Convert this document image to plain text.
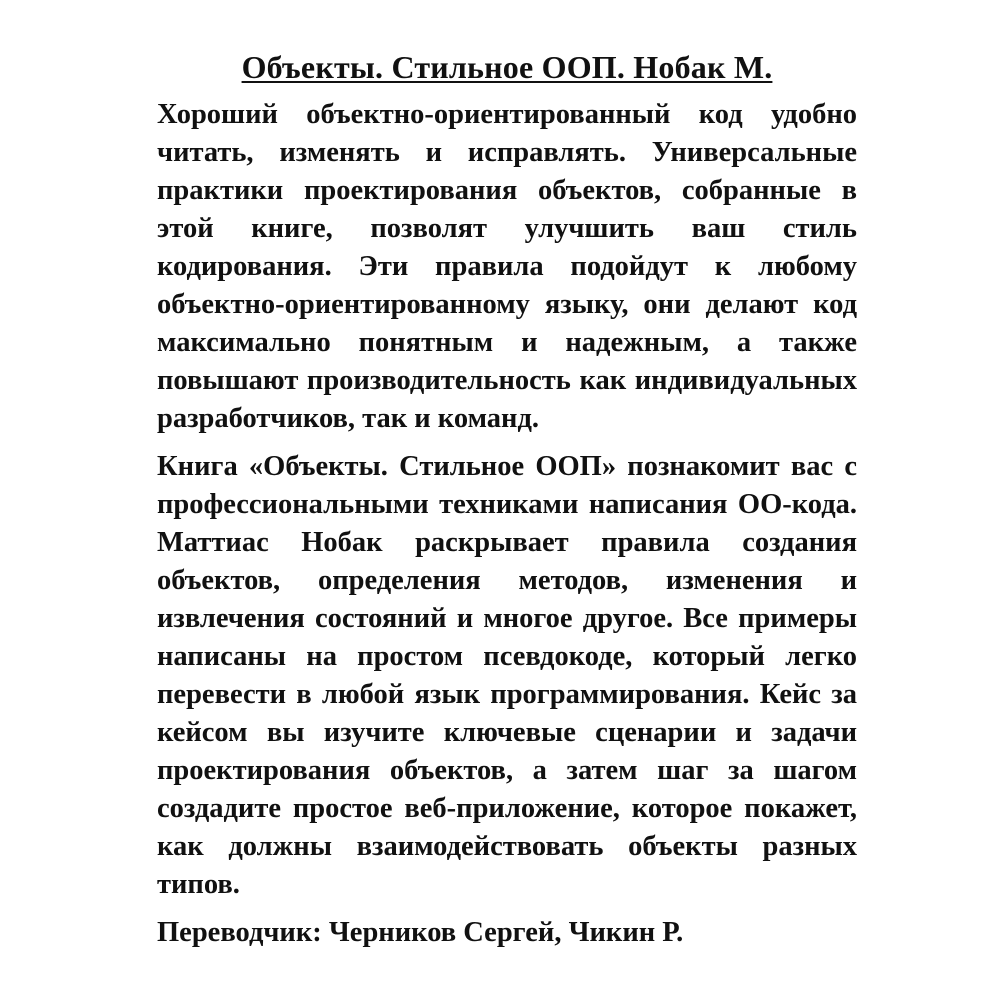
Объекты. Стильное ООП. Нобак М.

Хороший объектно-ориентированный код удобно читать, изменять и исправлять. Универсальные практики проектирования объектов, собранные в этой книге, позволят улучшить ваш стиль кодирования. Эти правила подойдут к любому объектно-ориентированному языку, они делают код максимально понятным и надежным, а также повышают производительность как индивидуальных разработчиков, так и команд.

Книга «Объекты. Стильное ООП» познакомит вас с профессиональными техниками написания ОО-кода. Маттиас Нобак раскрывает правила создания объектов, определения методов, изменения и извлечения состояний и многое другое. Все примеры написаны на простом псевдокоде, который легко перевести в любой язык программирования. Кейс за кейсом вы изучите ключевые сценарии и задачи проектирования объектов, а затем шаг за шагом создадите простое веб-приложение, которое покажет, как должны взаимодействовать объекты разных типов.

Переводчик: Черников Сергей, Чикин Р.
